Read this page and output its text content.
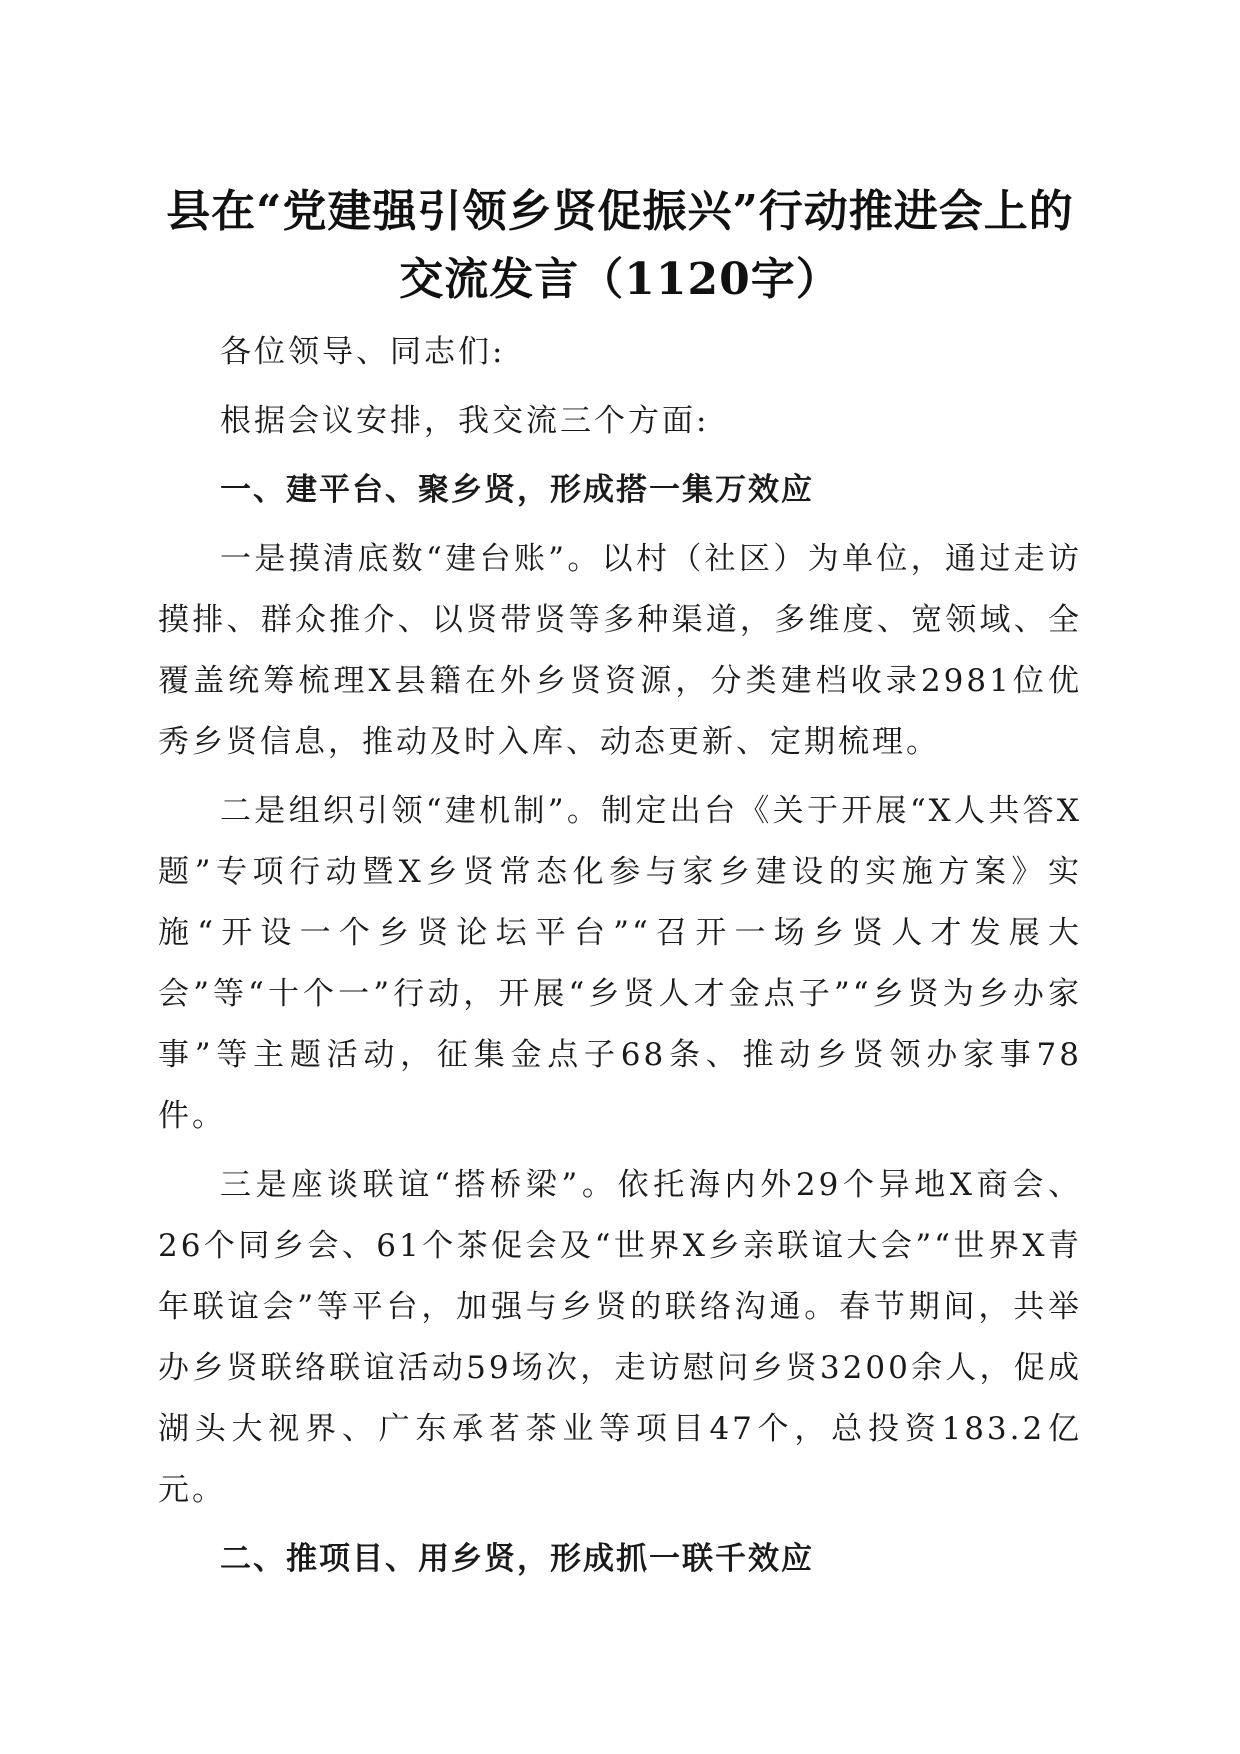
县在“党建强引领乡贤促振兴”行动推进会上的交流发言（1120字）

各位领导、同志们:

根据会议安排，我交流三个方面:

一、建平台、聚乡贤，形成搭一集万效应

一是摸清底数“建台账”。以村（社区）为单位，通过走访摸排、群众推介、以贤带贤等多种渠道，多维度、宽领域、全覆盖统筹梳理X县籍在外乡贤资源，分类建档收录2981位优秀乡贤信息，推动及时入库、动态更新、定期梳理。

二是组织引领“建机制”。制定出台《关于开展“X人共答X题”专项行动暨X乡贤常态化参与家乡建设的实施方案》实施“开设一个乡贤论坛平台”“召开一场乡贤人才发展大会”等“十个一”行动，开展“乡贤人才金点子”“乡贤为乡办家事”等主题活动，征集金点子68条、推动乡贤领办家事78件。

三是座谈联谊“搭桥梁”。依托海内外29个异地X商会、26个同乡会、61个茶促会及“世界X乡亲联谊大会”“世界X青年联谊会”等平台，加强与乡贤的联络沟通。春节期间，共举办乡贤联络联谊活动59场次，走访慰问乡贤3200余人，促成湖头大视界、广东承茗茶业等项目47个，总投资183.2亿元。

二、推项目、用乡贤，形成抓一联千效应
